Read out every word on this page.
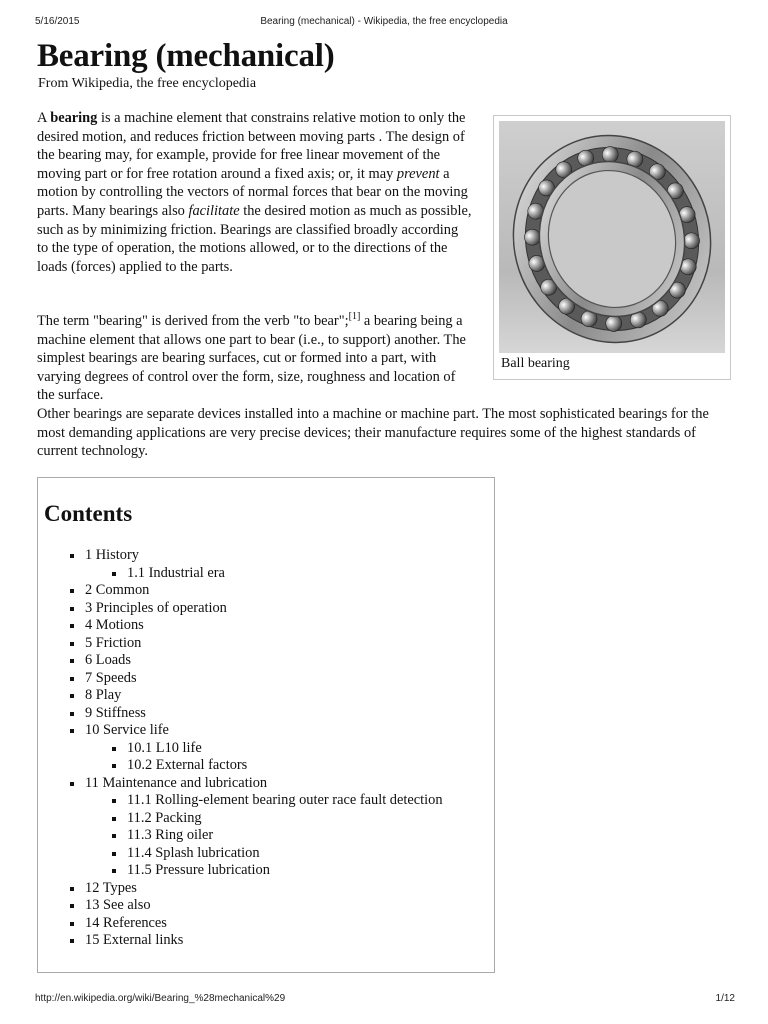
5/16/2015	Bearing (mechanical) - Wikipedia, the free encyclopedia
Bearing (mechanical)
From Wikipedia, the free encyclopedia

A bearing is a machine element that constrains relative motion to only the desired motion, and reduces friction between moving parts . The design of the bearing may, for example, provide for free linear movement of the moving part or for free rotation around a fixed axis; or, it may prevent a motion by controlling the vectors of normal forces that bear on the moving parts. Many bearings also facilitate the desired motion as much as possible, such as by minimizing friction. Bearings are classified broadly according to the type of operation, the motions allowed, or to the directions of the loads (forces) applied to the parts.

The term "bearing" is derived from the verb "to bear";[1] a bearing being a machine element that allows one part to bear (i.e., to support) another. The simplest bearings are bearing surfaces, cut or formed into a part, with varying degrees of control over the form, size, roughness and location of the surface.

Other bearings are separate devices installed into a machine or machine part. The most sophisticated bearings for the most demanding applications are very precise devices; their manufacture requires some of the highest standards of current technology.

Ball bearing
Contents
1 History
1.1 Industrial era
2 Common
3 Principles of operation
4 Motions
5 Friction
6 Loads
7 Speeds
8 Play
9 Stiffness
10 Service life
10.1 L10 life
10.2 External factors
11 Maintenance and lubrication
11.1 Rolling-element bearing outer race fault detection
11.2 Packing
11.3 Ring oiler
11.4 Splash lubrication
11.5 Pressure lubrication
12 Types
13 See also
14 References
15 External links
http://en.wikipedia.org/wiki/Bearing_%28mechanical%29	1/12
